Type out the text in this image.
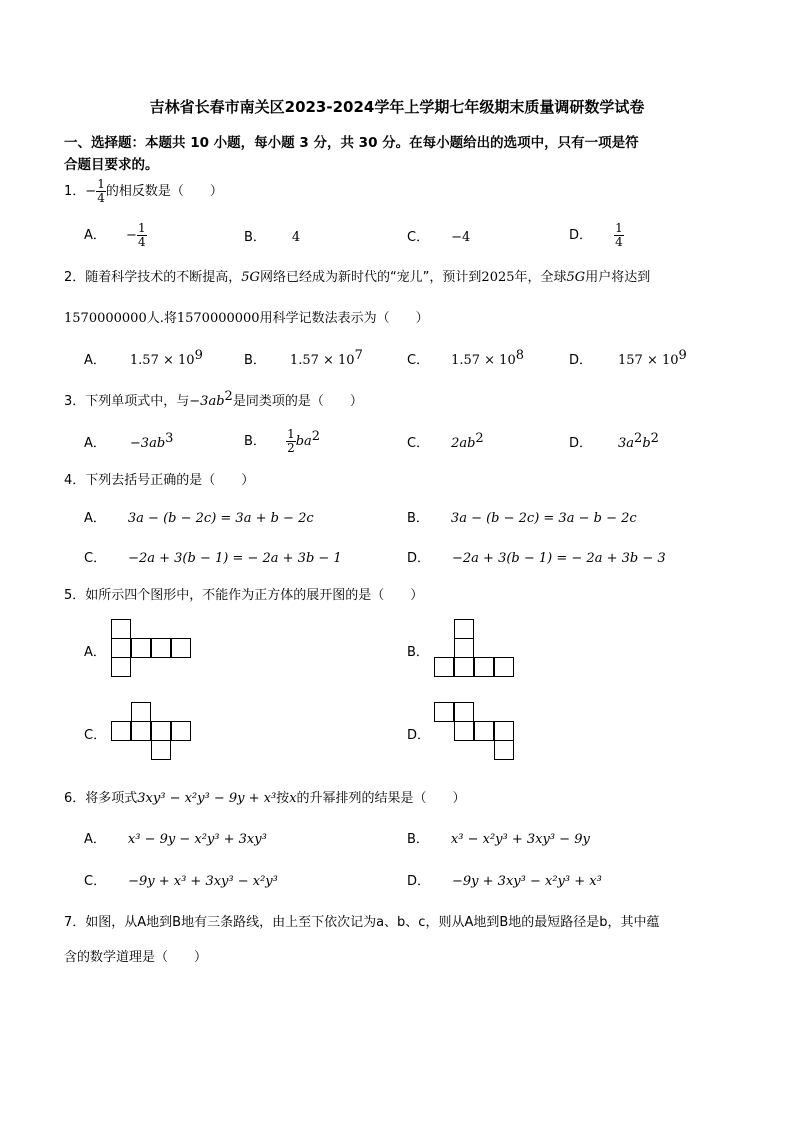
吉林省长春市南关区2023-2024学年上学期七年级期末质量调研数学试卷
一、选择题：本题共 10 小题，每小题 3 分，共 30 分。在每小题给出的选项中，只有一项是符
合题目要求的。
1．− $\frac{1}{4}$ 的相反数是（　　）
A． − $\frac{1}{4}$	B． 4	C． −4	D． $\frac{1}{4}$
2．随着科学技术的不断提高，5G网络已经成为新时代的“宠儿”，预计到2025年，全球5G用户将达到
1570000000人.将1570000000用科学记数法表示为（　　）
A． $1.57 \times 10^9$	B． $1.57 \times 10^7$	C． $1.57 \times 10^8$	D． $157 \times 10^9$
3．下列单项式中，与$-3ab^2$是同类项的是（　　）
A． $-3ab^3$	B． $\frac{1}{2} ba^2$	C． $2ab^2$	D． $3a^2b^2$
4．下列去括号正确的是（　　）
A． 3a − (b − 2c) = 3a + b − 2c	B． 3a − (b − 2c) = 3a − b − 2c
C． −2a + 3(b − 1) = − 2a + 3b − 1	D． −2a + 3(b − 1) = − 2a + 3b − 3
5．如所示四个图形中，不能作为正方体的展开图的是（　　）
A．	B．
C．	D．
6．将多项式3xy³ − x²y³ − 9y + x³按x的升幂排列的结果是（　　）
A． x³ − 9y − x²y³ + 3xy³	B． x³ − x²y³ + 3xy³ − 9y
C． −9y + x³ + 3xy³ − x²y³	D． −9y + 3xy³ − x²y³ + x³
7．如图，从A地到B地有三条路线，由上至下依次记为a、b、c，则从A地到B地的最短路径是b，其中蕴
含的数学道理是（　　）
